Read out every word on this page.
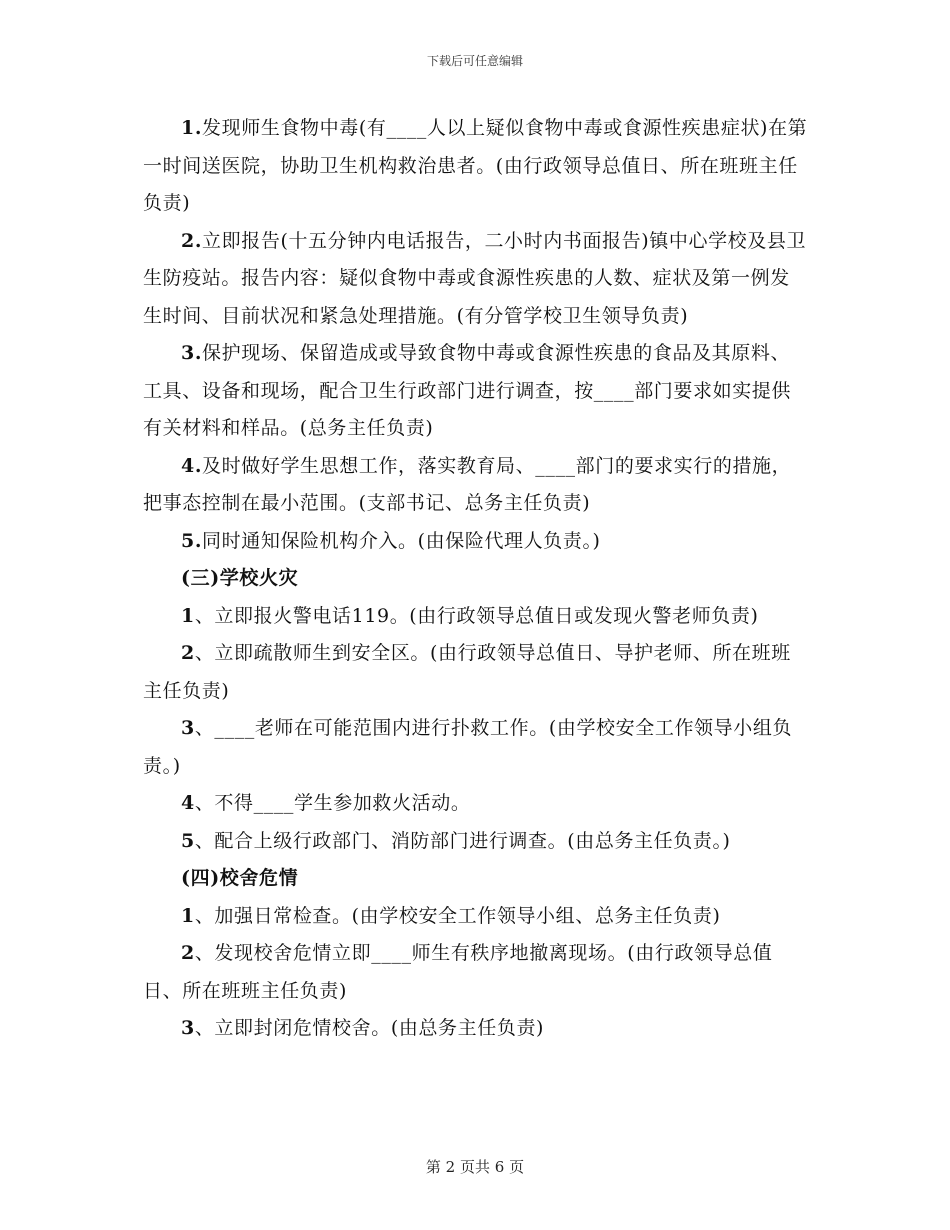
下载后可任意编辑

1.发现师生食物中毒(有____人以上疑似食物中毒或食源性疾患症状)在第一时间送医院，协助卫生机构救治患者。(由行政领导总值日、所在班班主任负责)

2.立即报告(十五分钟内电话报告，二小时内书面报告)镇中心学校及县卫生防疫站。报告内容：疑似食物中毒或食源性疾患的人数、症状及第一例发生时间、目前状况和紧急处理措施。(有分管学校卫生领导负责)

3.保护现场、保留造成或导致食物中毒或食源性疾患的食品及其原料、工具、设备和现场，配合卫生行政部门进行调查，按____部门要求如实提供有关材料和样品。(总务主任负责)

4.及时做好学生思想工作，落实教育局、____部门的要求实行的措施，把事态控制在最小范围。(支部书记、总务主任负责)

5.同时通知保险机构介入。(由保险代理人负责。)

(三)学校火灾

1、立即报火警电话119。(由行政领导总值日或发现火警老师负责)

2、立即疏散师生到安全区。(由行政领导总值日、导护老师、所在班班主任负责)

3、____老师在可能范围内进行扑救工作。(由学校安全工作领导小组负责。)

4、不得____学生参加救火活动。

5、配合上级行政部门、消防部门进行调查。(由总务主任负责。)

(四)校舍危情

1、加强日常检查。(由学校安全工作领导小组、总务主任负责)

2、发现校舍危情立即____师生有秩序地撤离现场。(由行政领导总值日、所在班班主任负责)

3、立即封闭危情校舍。(由总务主任负责)

第 2 页共 6 页
